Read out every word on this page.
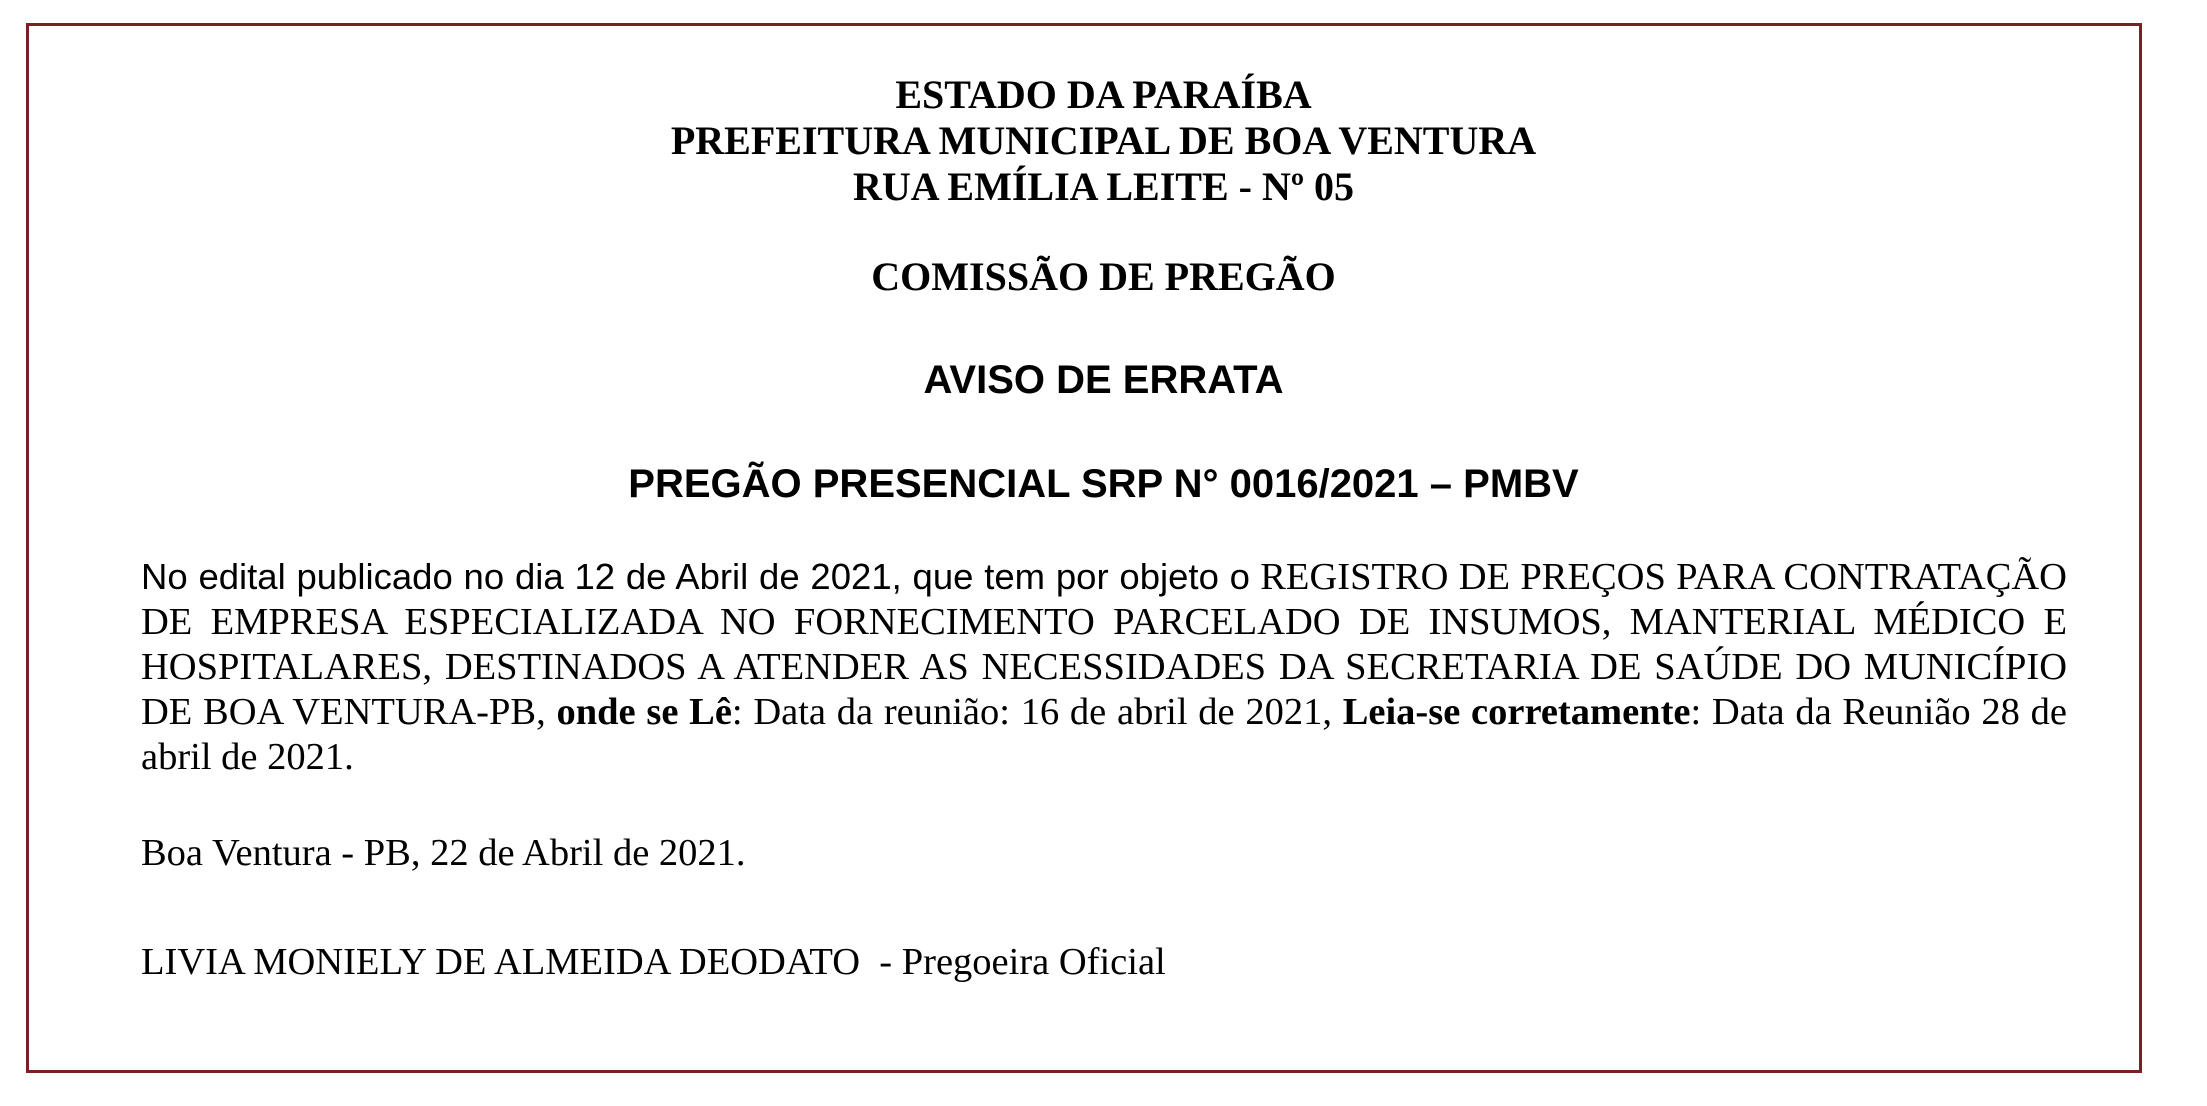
ESTADO DA PARAÍBA
PREFEITURA MUNICIPAL DE BOA VENTURA
RUA EMÍLIA LEITE - Nº 05
COMISSÃO DE PREGÃO
AVISO DE ERRATA
PREGÃO PRESENCIAL SRP N° 0016/2021 – PMBV
No edital publicado no dia 12 de Abril de 2021, que tem por objeto o REGISTRO DE PREÇOS PARA CONTRATAÇÃO DE EMPRESA ESPECIALIZADA NO FORNECIMENTO PARCELADO DE INSUMOS, MANTERIAL MÉDICO E HOSPITALARES, DESTINADOS A ATENDER AS NECESSIDADES DA SECRETARIA DE SAÚDE DO MUNICÍPIO DE BOA VENTURA-PB, onde se Lê: Data da reunião: 16 de abril de 2021, Leia-se corretamente: Data da Reunião 28 de abril de 2021.
Boa Ventura - PB, 22 de Abril de 2021.
LIVIA MONIELY DE ALMEIDA DEODATO  - Pregoeira Oficial
